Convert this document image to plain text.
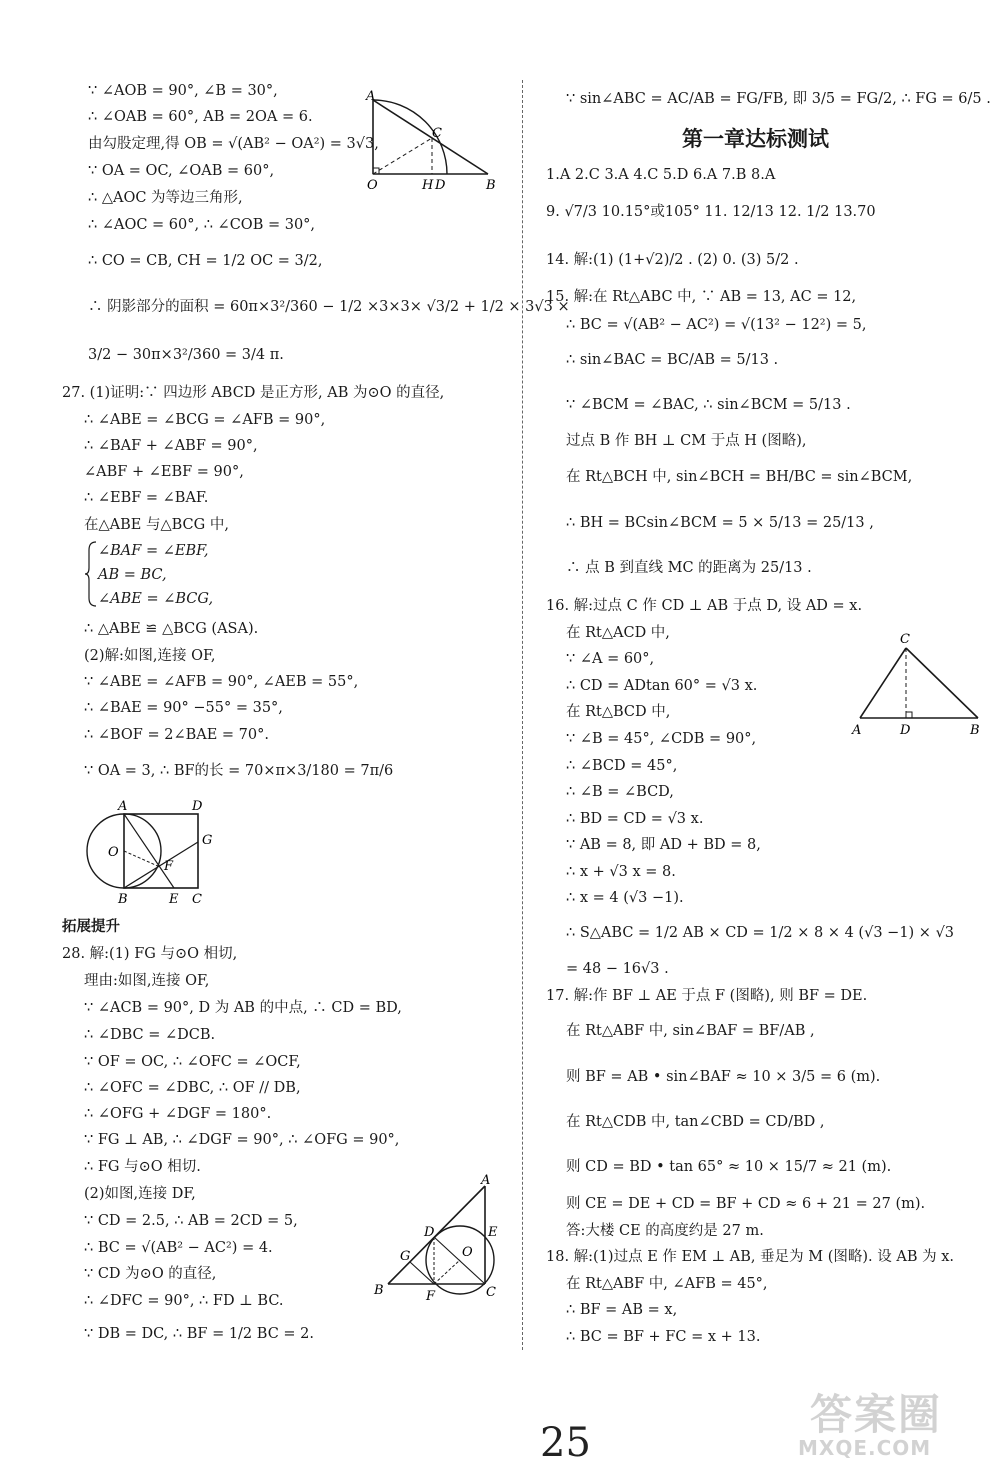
∵ ∠AOB = 90°, ∠B = 30°,
∴ ∠OAB = 60°, AB = 2OA = 6.
由勾股定理,得 OB = √(AB² − OA²) = 3√3,
∵ OA = OC, ∠OAB = 60°,
∴ △AOC 为等边三角形,
∴ ∠AOC = 60°, ∴ ∠COB = 30°,
∴ CO = CB, CH = 1/2 OC = 3/2,
∴ 阴影部分的面积 = 60π×3²/360 − 1/2 ×3×3× √3/2 + 1/2 × 3√3 ×
3/2 − 30π×3²/360 = 3/4 π.
27. (1)证明:∵ 四边形 ABCD 是正方形, AB 为⊙O 的直径,
∴ ∠ABE = ∠BCG = ∠AFB = 90°,
∴ ∠BAF + ∠ABF = 90°,
∠ABF + ∠EBF = 90°,
∴ ∠EBF = ∠BAF.
在△ABE 与△BCG 中,
∠BAF = ∠EBF,
AB = BC,
∠ABE = ∠BCG,
∴ △ABE ≌ △BCG (ASA).
(2)解:如图,连接 OF,
∵ ∠ABE = ∠AFB = 90°, ∠AEB = 55°,
∴ ∠BAE = 90° −55° = 35°,
∴ ∠BOF = 2∠BAE = 70°.
∵ OA = 3, ∴ BF的长 = 70×π×3/180 = 7π/6
拓展提升
28. 解:(1) FG 与⊙O 相切,
理由:如图,连接 OF,
∵ ∠ACB = 90°, D 为 AB 的中点, ∴ CD = BD,
∴ ∠DBC = ∠DCB.
∵ OF = OC, ∴ ∠OFC = ∠OCF,
∴ ∠OFC = ∠DBC, ∴ OF // DB,
∴ ∠OFG + ∠DGF = 180°.
∵ FG ⊥ AB, ∴ ∠DGF = 90°, ∴ ∠OFG = 90°,
∴ FG 与⊙O 相切.
(2)如图,连接 DF,
∵ CD = 2.5, ∴ AB = 2CD = 5,
∴ BC = √(AB² − AC²) = 4.
∵ CD 为⊙O 的直径,
∴ ∠DFC = 90°, ∴ FD ⊥ BC.
∵ DB = DC, ∴ BF = 1/2 BC = 2.
A
C
O	H D	B
A	D
G
O
F
B	E C
A
D	E
G	O
B	F	C
∵ sin∠ABC = AC/AB = FG/FB, 即 3/5 = FG/2, ∴ FG = 6/5 .
第一章达标测试
1.A 2.C 3.A 4.C 5.D 6.A 7.B 8.A
9. √7/3 10.15°或105° 11. 12/13 12. 1/2 13.70
14. 解:(1) (1+√2)/2 . (2) 0. (3) 5/2 .
15. 解:在 Rt△ABC 中, ∵ AB = 13, AC = 12,
∴ BC = √(AB² − AC²) = √(13² − 12²) = 5,
∴ sin∠BAC = BC/AB = 5/13 .
∵ ∠BCM = ∠BAC, ∴ sin∠BCM = 5/13 .
过点 B 作 BH ⊥ CM 于点 H (图略),
在 Rt△BCH 中, sin∠BCH = BH/BC = sin∠BCM,
∴ BH = BCsin∠BCM = 5 × 5/13 = 25/13 ,
∴ 点 B 到直线 MC 的距离为 25/13 .
16. 解:过点 C 作 CD ⊥ AB 于点 D, 设 AD = x.
在 Rt△ACD 中,
∵ ∠A = 60°,
∴ CD = ADtan 60° = √3 x.
在 Rt△BCD 中,
∵ ∠B = 45°, ∠CDB = 90°,
∴ ∠BCD = 45°,
∴ ∠B = ∠BCD,
∴ BD = CD = √3 x.
∵ AB = 8, 即 AD + BD = 8,
∴ x + √3 x = 8.
∴ x = 4 (√3 −1).
∴ S△ABC = 1/2 AB × CD = 1/2 × 8 × 4 (√3 −1) × √3
= 48 − 16√3 .
17. 解:作 BF ⊥ AE 于点 F (图略), 则 BF = DE.
在 Rt△ABF 中, sin∠BAF = BF/AB ,
则 BF = AB • sin∠BAF ≈ 10 × 3/5 = 6 (m).
在 Rt△CDB 中, tan∠CBD = CD/BD ,
则 CD = BD • tan 65° ≈ 10 × 15/7 ≈ 21 (m).
则 CE = DE + CD = BF + CD ≈ 6 + 21 = 27 (m).
答:大楼 CE 的高度约是 27 m.
18. 解:(1)过点 E 作 EM ⊥ AB, 垂足为 M (图略). 设 AB 为 x.
在 Rt△ABF 中, ∠AFB = 45°,
∴ BF = AB = x,
∴ BC = BF + FC = x + 13.
C
A	D	B
25
答案圈
MXQE.COM
